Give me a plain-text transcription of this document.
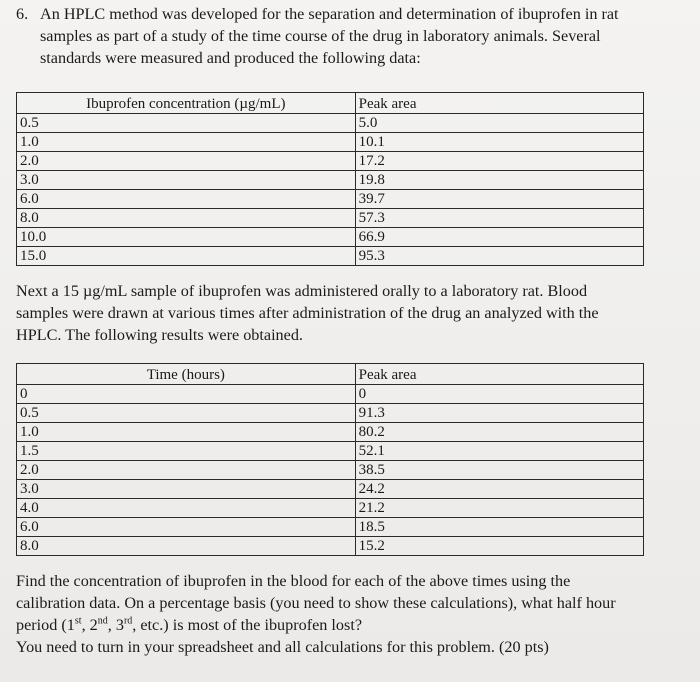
6. An HPLC method was developed for the separation and determination of ibuprofen in rat
samples as part of a study of the time course of the drug in laboratory animals. Several
standards were measured and produced the following data:

Ibuprofen concentration (µg/mL)	Peak area
0.5	5.0
1.0	10.1
2.0	17.2
3.0	19.8
6.0	39.7
8.0	57.3
10.0	66.9
15.0	95.3

Next a 15 µg/mL sample of ibuprofen was administered orally to a laboratory rat. Blood
samples were drawn at various times after administration of the drug an analyzed with the
HPLC. The following results were obtained.

Time (hours)	Peak area
0	0
0.5	91.3
1.0	80.2
1.5	52.1
2.0	38.5
3.0	24.2
4.0	21.2
6.0	18.5
8.0	15.2

Find the concentration of ibuprofen in the blood for each of the above times using the
calibration data. On a percentage basis (you need to show these calculations), what half hour
period (1st, 2nd, 3rd, etc.) is most of the ibuprofen lost?
You need to turn in your spreadsheet and all calculations for this problem. (20 pts)
